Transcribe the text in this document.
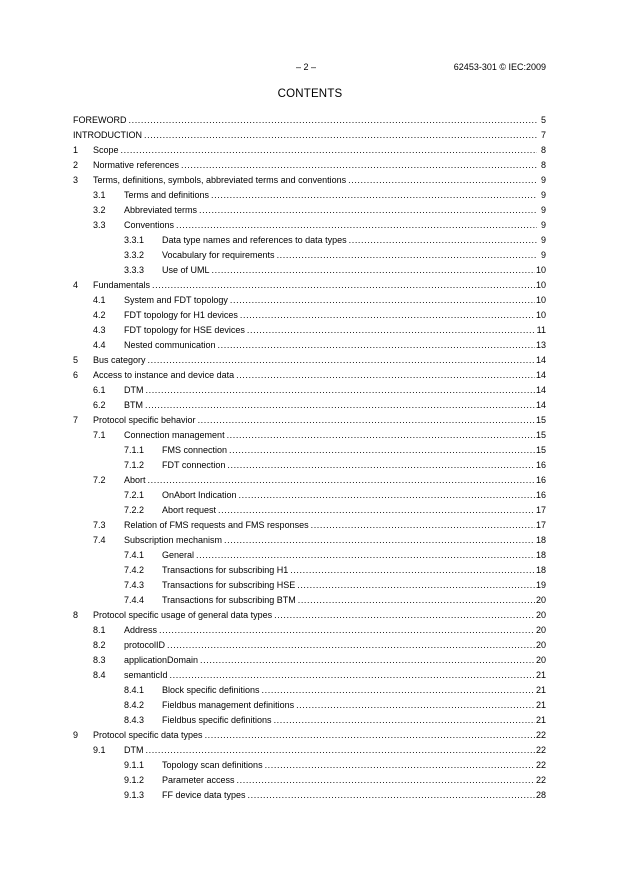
– 2 –	62453-301 © IEC:2009
CONTENTS
FOREWORD .....	5
INTRODUCTION .....	7
1 Scope .....	8
2 Normative references .....	8
3 Terms, definitions, symbols, abbreviated terms and conventions .....	9
3.1 Terms and definitions .....	9
3.2 Abbreviated terms .....	9
3.3 Conventions .....	9
3.3.1 Data type names and references to data types .....	9
3.3.2 Vocabulary for requirements .....	9
3.3.3 Use of UML .....	10
4 Fundamentals .....	10
4.1 System and FDT topology .....	10
4.2 FDT topology for H1 devices .....	10
4.3 FDT topology for HSE devices .....	11
4.4 Nested communication .....	13
5 Bus category .....	14
6 Access to instance and device data .....	14
6.1 DTM .....	14
6.2 BTM .....	14
7 Protocol specific behavior .....	15
7.1 Connection management .....	15
7.1.1 FMS connection .....	15
7.1.2 FDT connection .....	16
7.2 Abort .....	16
7.2.1 OnAbort Indication .....	16
7.2.2 Abort request .....	17
7.3 Relation of FMS requests and FMS responses .....	17
7.4 Subscription mechanism .....	18
7.4.1 General .....	18
7.4.2 Transactions for subscribing H1 .....	18
7.4.3 Transactions for subscribing HSE .....	19
7.4.4 Transactions for subscribing BTM .....	20
8 Protocol specific usage of general data types .....	20
8.1 Address .....	20
8.2 protocolID .....	20
8.3 applicationDomain .....	20
8.4 semanticId .....	21
8.4.1 Block specific definitions .....	21
8.4.2 Fieldbus management definitions .....	21
8.4.3 Fieldbus specific definitions .....	21
9 Protocol specific data types .....	22
9.1 DTM .....	22
9.1.1 Topology scan definitions .....	22
9.1.2 Parameter access .....	22
9.1.3 FF device data types .....	28
